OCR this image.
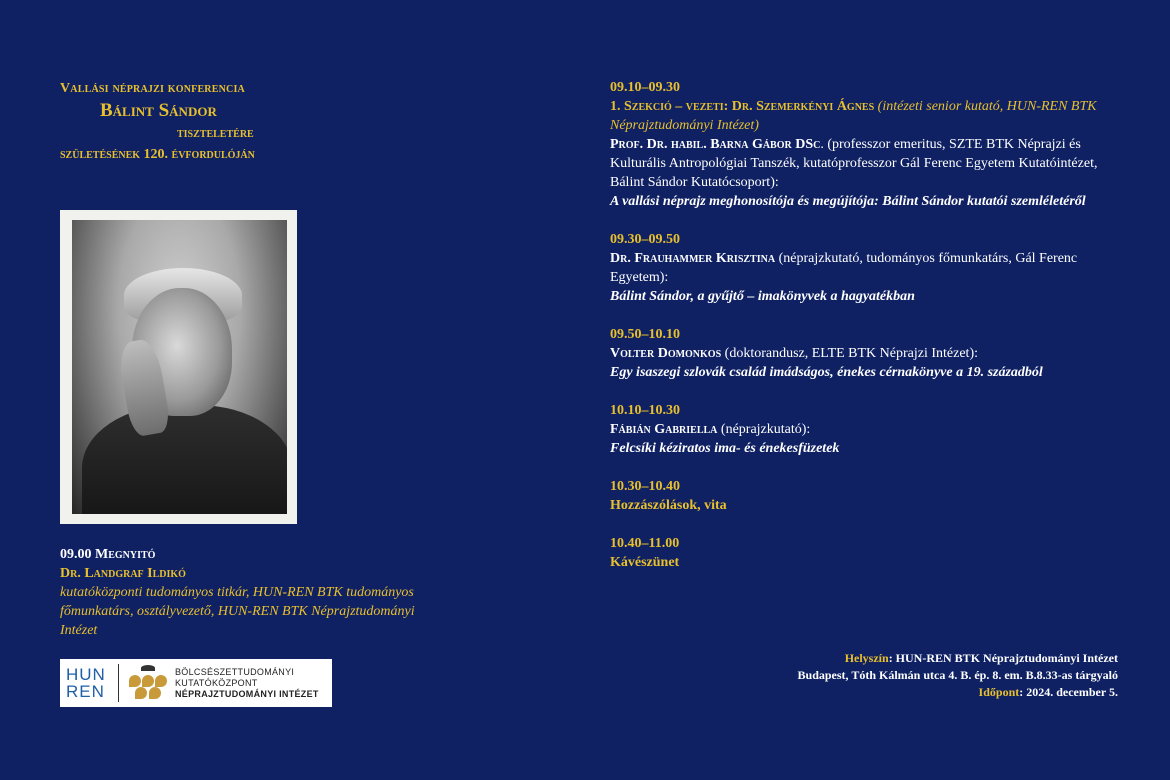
Vallási néprajzi konferencia
Bálint Sándor
tiszteletére
születésének 120. évfordulóján
09.00 Megnyitó
Dr. Landgraf Ildikó
kutatóközponti tudományos titkár, HUN-REN BTK tudományos főmunkatárs, osztályvezető, HUN-REN BTK Néprajztudományi Intézet
HUN
REN
BÖLCSÉSZETTUDOMÁNYI
KUTATÓKÖZPONT
NÉPRAJZTUDOMÁNYI INTÉZET
09.10–09.30
1. Szekció – vezeti: Dr. Szemerkényi Ágnes (intézeti senior kutató, HUN-REN BTK Néprajztudományi Intézet)
Prof. Dr. habil. Barna Gábor DSc. (professzor emeritus, SZTE BTK Néprajzi és Kulturális Antropológiai Tanszék, kutatóprofesszor Gál Ferenc Egyetem Kutatóintézet, Bálint Sándor Kutatócsoport):
A vallási néprajz meghonosítója és megújítója: Bálint Sándor kutatói szemléletéről
09.30–09.50
Dr. Frauhammer Krisztina (néprajzkutató, tudományos főmunkatárs, Gál Ferenc Egyetem):
Bálint Sándor, a gyűjtő – imakönyvek a hagyatékban
09.50–10.10
Volter Domonkos (doktorandusz, ELTE BTK Néprajzi Intézet):
Egy isaszegi szlovák család imádságos, énekes cérnakönyve a 19. századból
10.10–10.30
Fábián Gabriella (néprajzkutató):
Felcsíki kéziratos ima- és énekesfüzetek
10.30–10.40
Hozzászólások, vita
10.40–11.00
Kávészünet
Helyszín: HUN-REN BTK Néprajztudományi Intézet
Budapest, Tóth Kálmán utca 4. B. ép. 8. em. B.8.33-as tárgyaló
Időpont: 2024. december 5.
